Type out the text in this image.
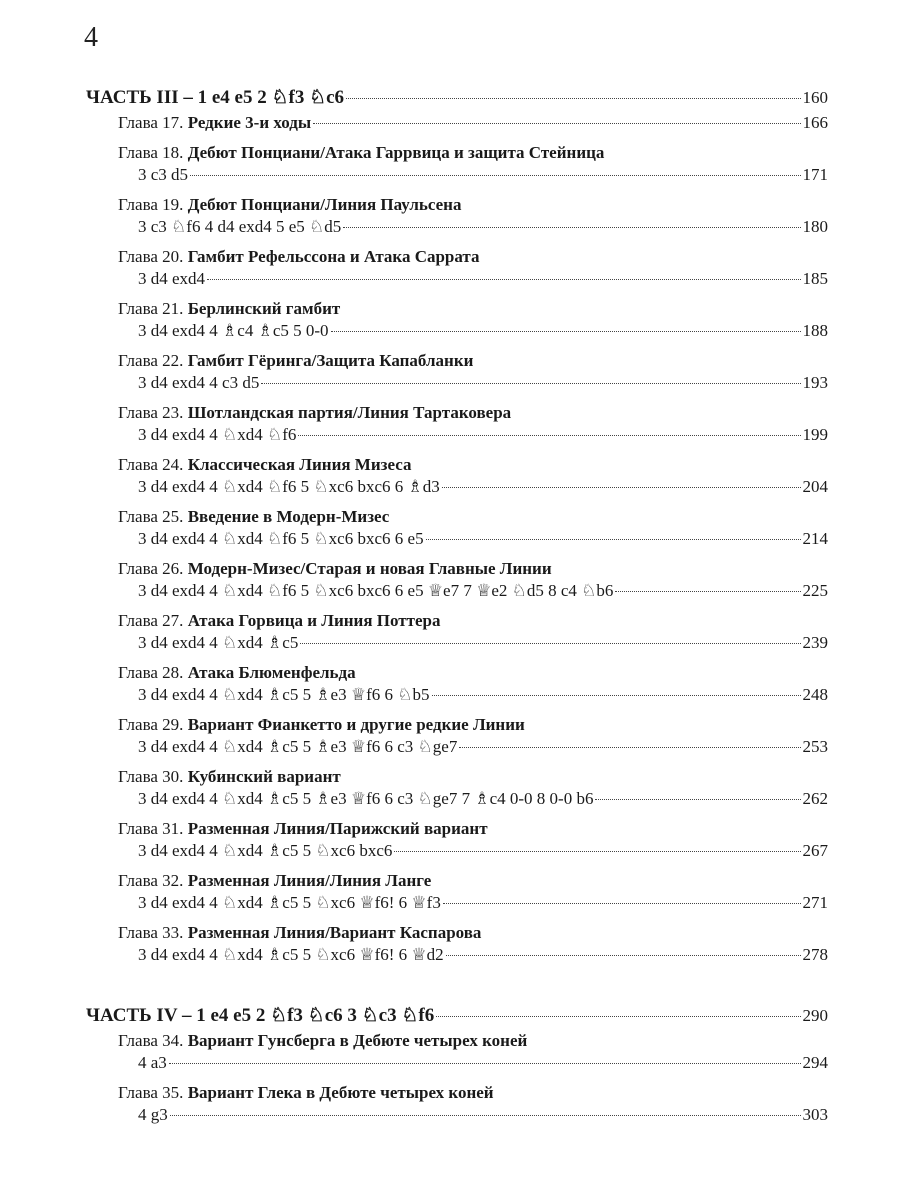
4
ЧАСТЬ III – 1 e4 e5 2 ♘f3 ♘c6	160
Глава 17. Редкие 3-и ходы	166
Глава 18. Дебют Понциани/Атака Гаррвица и защита Стейница
3 c3 d5	171
Глава 19. Дебют Понциани/Линия Паульсена
3 c3 ♘f6 4 d4 exd4 5 e5 ♘d5	180
Глава 20. Гамбит Рефельссона и Атака Саррата
3 d4 exd4	185
Глава 21. Берлинский гамбит
3 d4 exd4 4 ♗c4 ♗c5 5 0-0	188
Глава 22. Гамбит Гёринга/Защита Капабланки
3 d4 exd4 4 c3 d5	193
Глава 23. Шотландская партия/Линия Тартаковера
3 d4 exd4 4 ♘xd4 ♘f6	199
Глава 24. Классическая Линия Мизеса
3 d4 exd4 4 ♘xd4 ♘f6 5 ♘xc6 bxc6 6 ♗d3	204
Глава 25. Введение в Модерн-Мизес
3 d4 exd4 4 ♘xd4 ♘f6 5 ♘xc6 bxc6 6 e5	214
Глава 26. Модерн-Мизес/Старая и новая Главные Линии
3 d4 exd4 4 ♘xd4 ♘f6 5 ♘xc6 bxc6 6 e5 ♕e7 7 ♕e2 ♘d5 8 c4 ♘b6	225
Глава 27. Атака Горвица и Линия Поттера
3 d4 exd4 4 ♘xd4 ♗c5	239
Глава 28. Атака Блюменфельда
3 d4 exd4 4 ♘xd4 ♗c5 5 ♗e3 ♕f6 6 ♘b5	248
Глава 29. Вариант Фианкетто и другие редкие Линии
3 d4 exd4 4 ♘xd4 ♗c5 5 ♗e3 ♕f6 6 c3 ♘ge7	253
Глава 30. Кубинский вариант
3 d4 exd4 4 ♘xd4 ♗c5 5 ♗e3 ♕f6 6 c3 ♘ge7 7 ♗c4 0-0 8 0-0 b6	262
Глава 31. Разменная Линия/Парижский вариант
3 d4 exd4 4 ♘xd4 ♗c5 5 ♘xc6 bxc6	267
Глава 32. Разменная Линия/Линия Ланге
3 d4 exd4 4 ♘xd4 ♗c5 5 ♘xc6 ♕f6! 6 ♕f3	271
Глава 33. Разменная Линия/Вариант Каспарова
3 d4 exd4 4 ♘xd4 ♗c5 5 ♘xc6 ♕f6! 6 ♕d2	278
ЧАСТЬ IV – 1 e4 e5 2 ♘f3 ♘c6 3 ♘c3 ♘f6	290
Глава 34. Вариант Гунсберга в Дебюте четырех коней
4 a3	294
Глава 35. Вариант Глека в Дебюте четырех коней
4 g3	303
